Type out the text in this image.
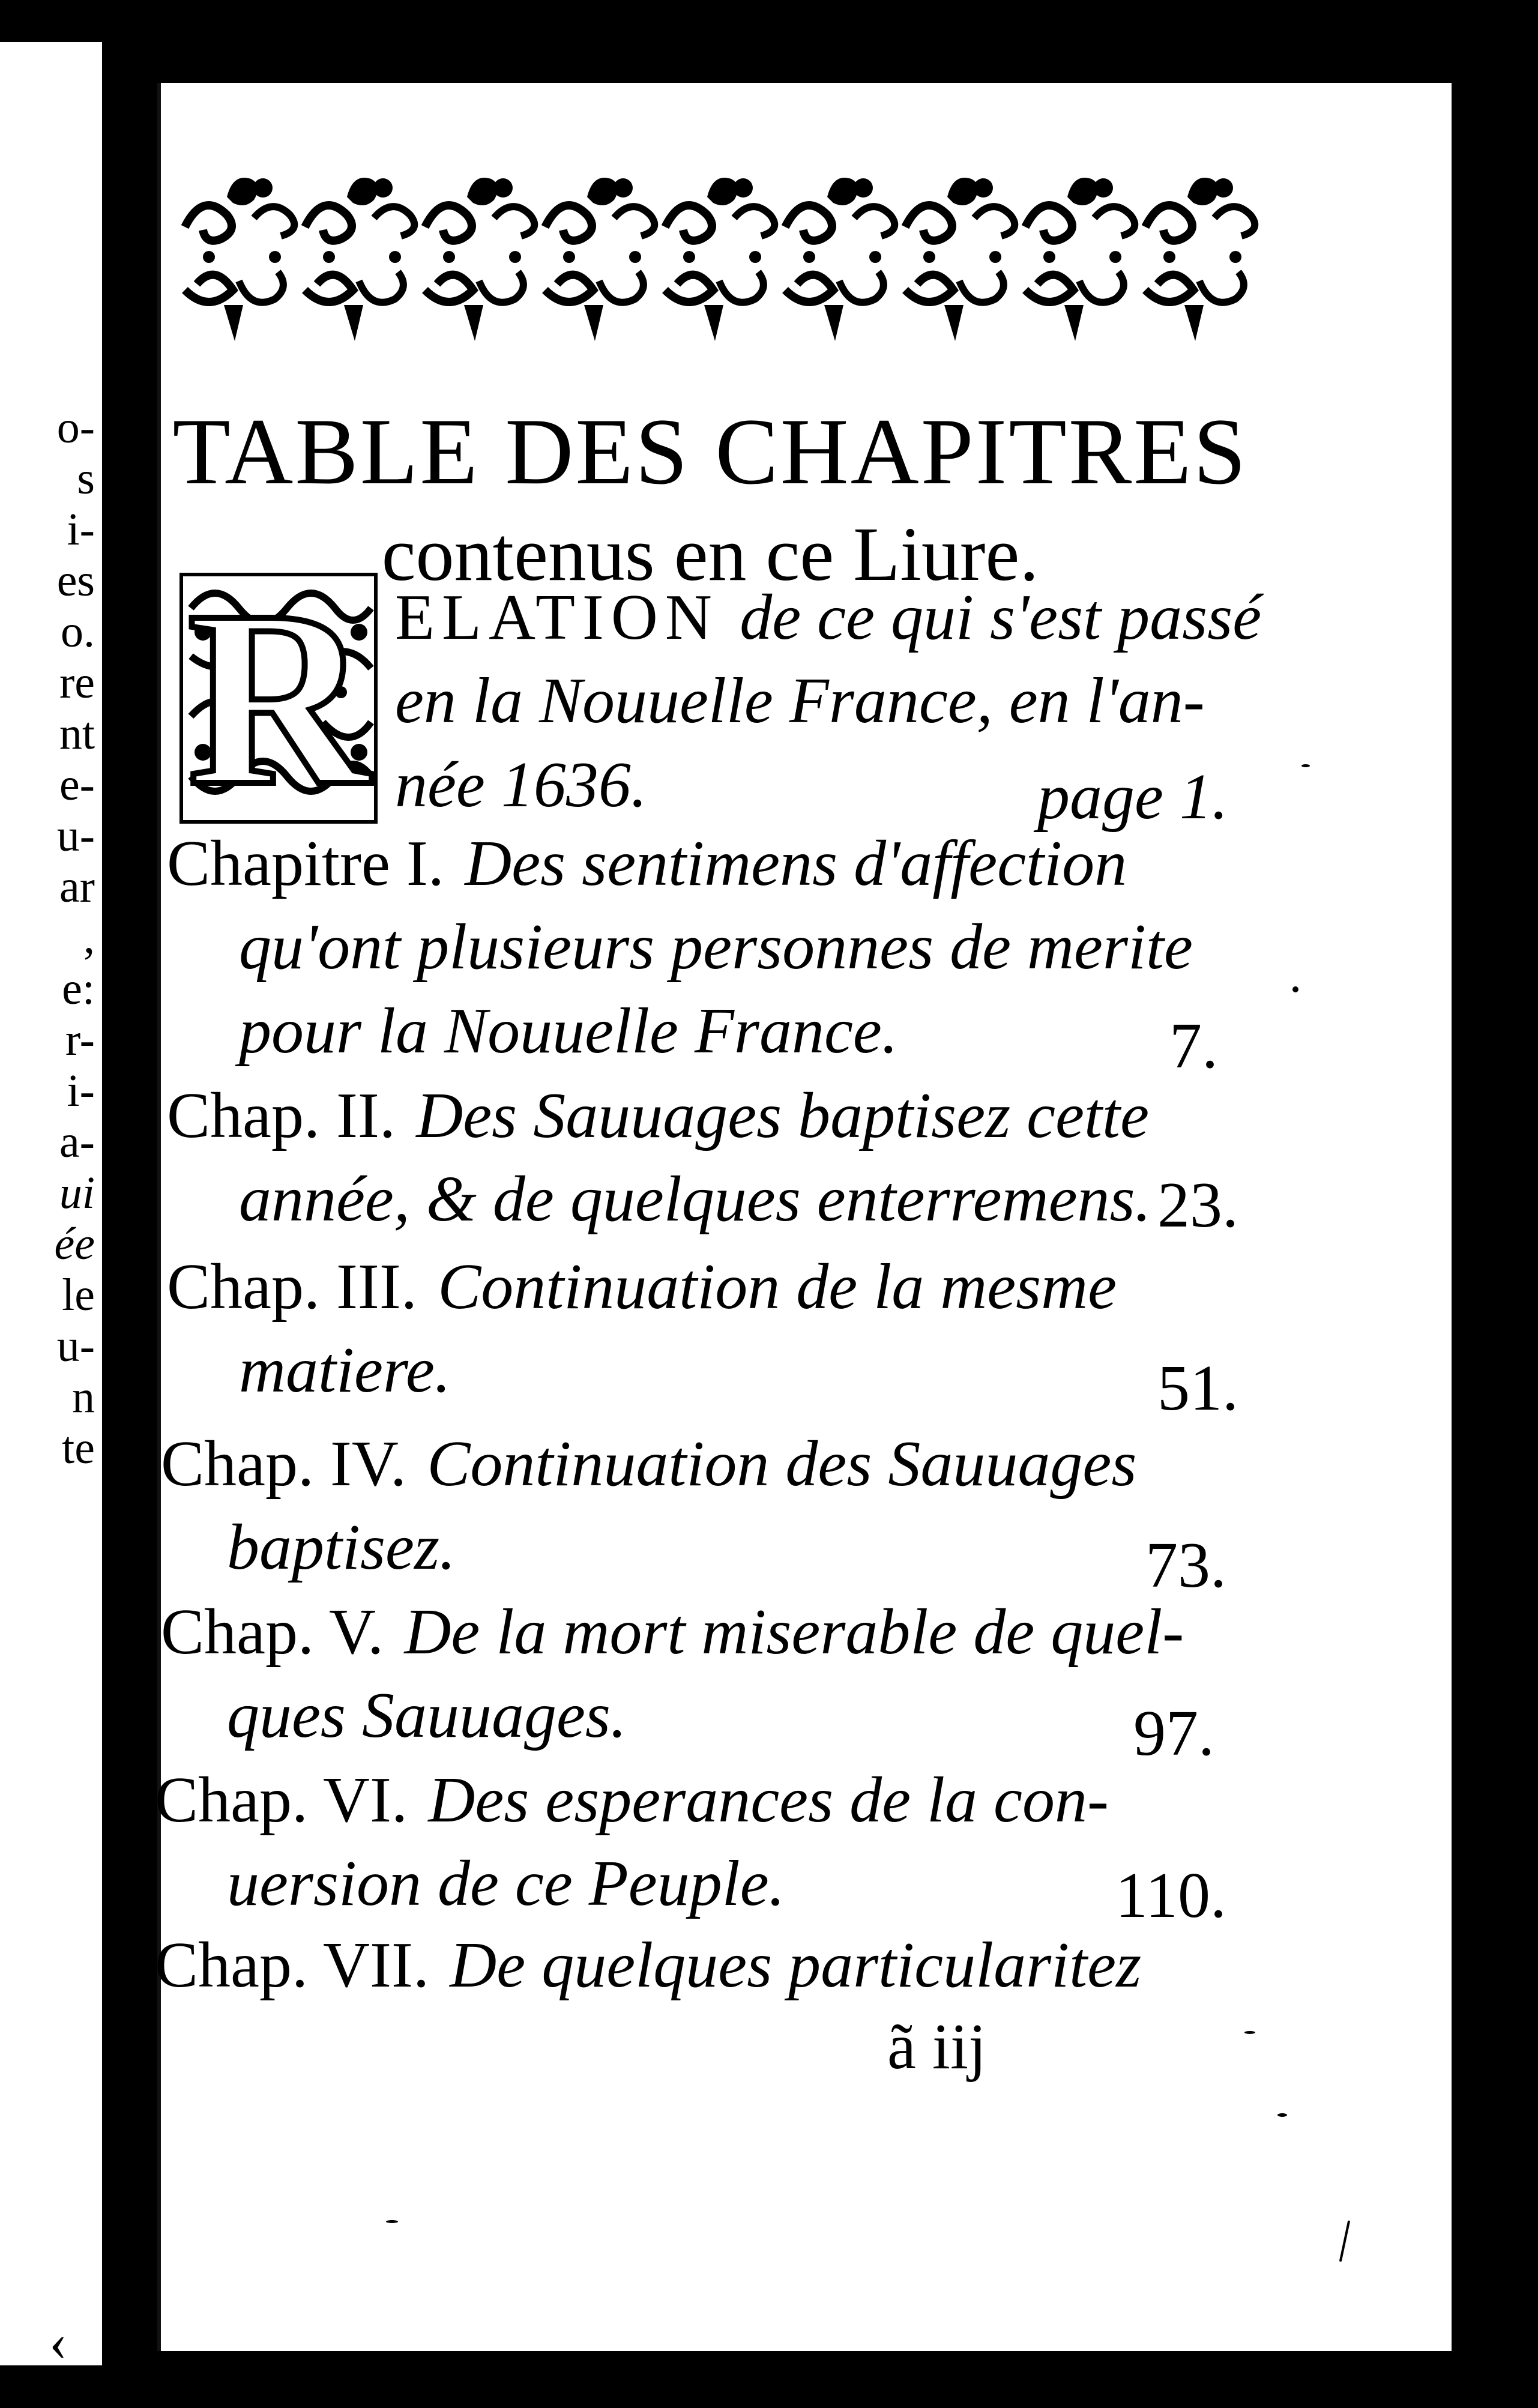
o-
s
i-
es
o.
re
nt
e-
u-
ar
,
e:
r-
i-
a-
ui
ée
le
u-
n
te
‹
TABLE DES CHAPITRES
contenus en ce Liure.
R ELATION de ce qui s'est passé
en la Nouuelle France, en l'an-
née 1636.	page 1.
Chapitre I. Des sentimens d'affection
qu'ont plusieurs personnes de merite
pour la Nouuelle France.	7.
Chap. II. Des Sauuages baptisez cette
année, & de quelques enterremens. 23.
Chap. III. Continuation de la mesme
matiere.	51.
Chap. IV. Continuation des Sauuages
baptisez.	73.
Chap. V. De la mort miserable de quel-
ques Sauuages.	97.
Chap. VI. Des esperances de la con-
uersion de ce Peuple.	110.
Chap. VII. De quelques particularitez
ã iij
